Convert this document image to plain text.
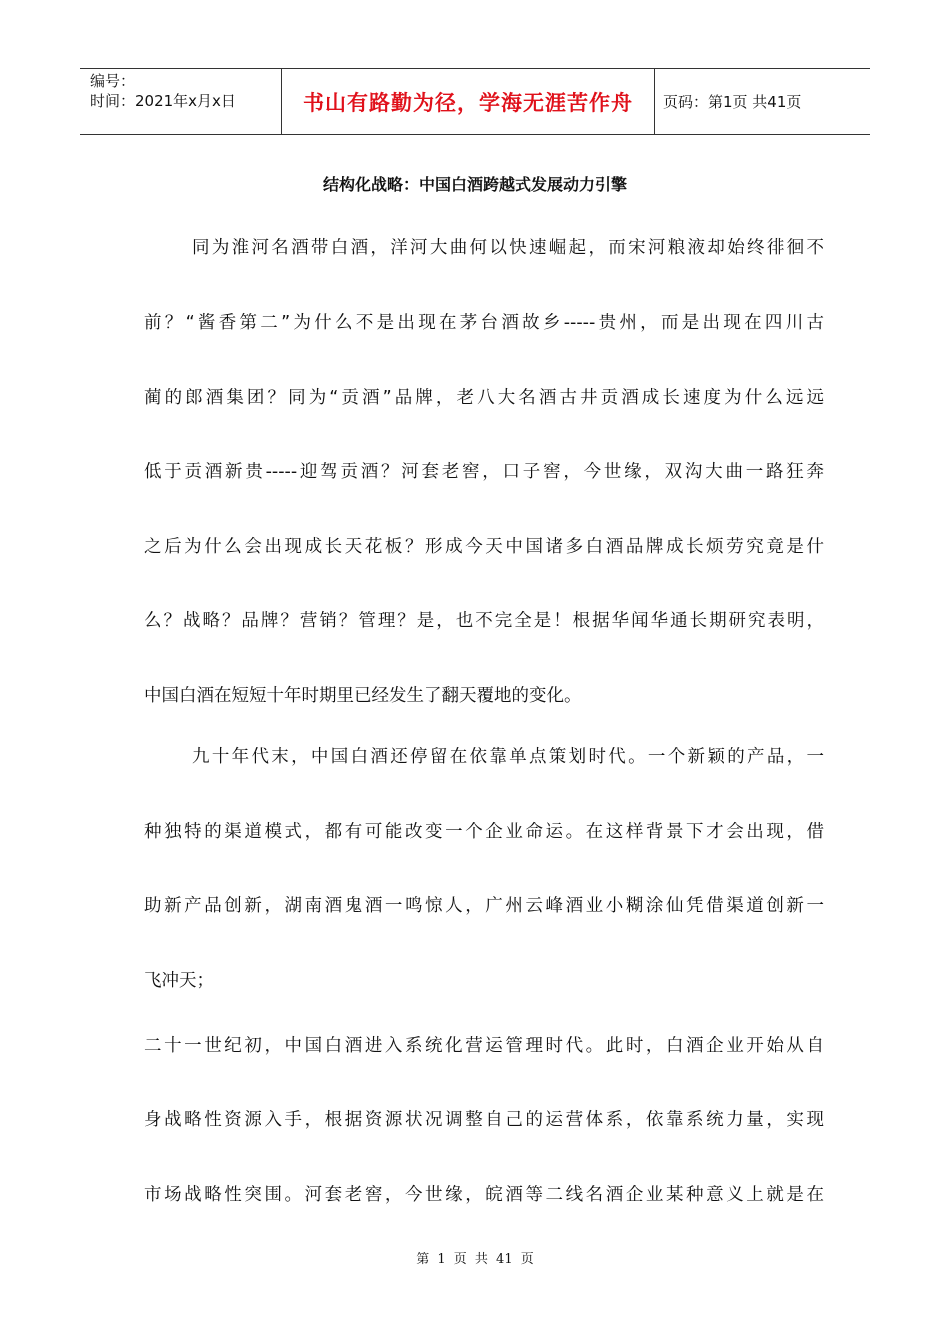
编号：
时间：2021年x月x日	书山有路勤为径，学海无涯苦作舟	页码：第1页 共41页
结构化战略：中国白酒跨越式发展动力引擎
同为淮河名酒带白酒，洋河大曲何以快速崛起，而宋河粮液却始终徘徊不
前？“酱香第二”为什么不是出现在茅台酒故乡-----贵州，而是出现在四川古
蔺的郎酒集团？同为“贡酒”品牌，老八大名酒古井贡酒成长速度为什么远远
低于贡酒新贵-----迎驾贡酒？河套老窖，口子窖，今世缘，双沟大曲一路狂奔
之后为什么会出现成长天花板？形成今天中国诸多白酒品牌成长烦劳究竟是什
么？战略？品牌？营销？管理？是，也不完全是！根据华闻华通长期研究表明，
中国白酒在短短十年时期里已经发生了翻天覆地的变化。
九十年代末，中国白酒还停留在依靠单点策划时代。一个新颖的产品，一
种独特的渠道模式，都有可能改变一个企业命运。在这样背景下才会出现，借
助新产品创新，湖南酒鬼酒一鸣惊人，广州云峰酒业小糊涂仙凭借渠道创新一
飞冲天；
二十一世纪初，中国白酒进入系统化营运管理时代。此时，白酒企业开始从自
身战略性资源入手，根据资源状况调整自己的运营体系，依靠系统力量，实现
市场战略性突围。河套老窖，今世缘，皖酒等二线名酒企业某种意义上就是在
第 1 页 共 41 页
